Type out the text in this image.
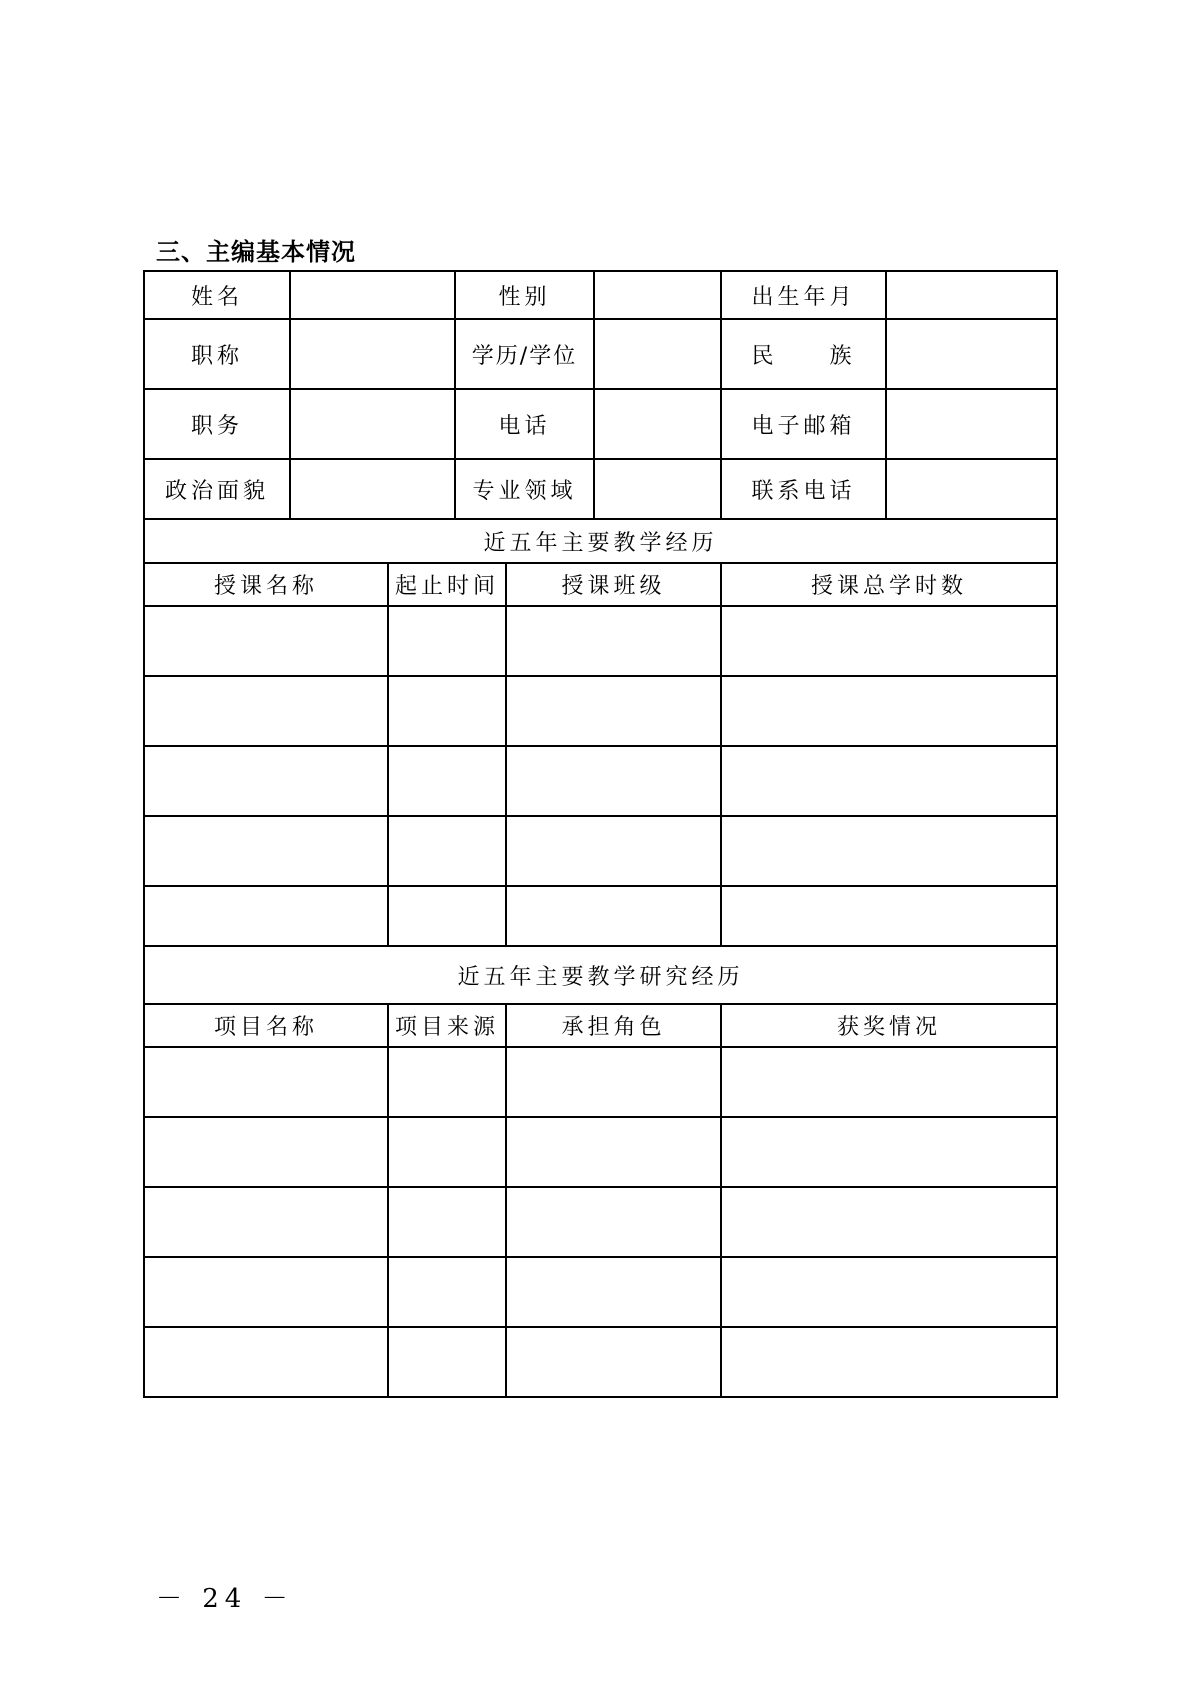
三、主编基本情况
姓名			性别			出生年月	
职称			学历/学位			民　　族	
职务			电话			电子邮箱	
政治面貌			专业领域			联系电话	
近五年主要教学经历							
授课名称		起止时间		授课班级		授课总学时数	

近五年主要教学研究经历							
项目名称		项目来源		承担角色		获奖情况	

－ 24 －
